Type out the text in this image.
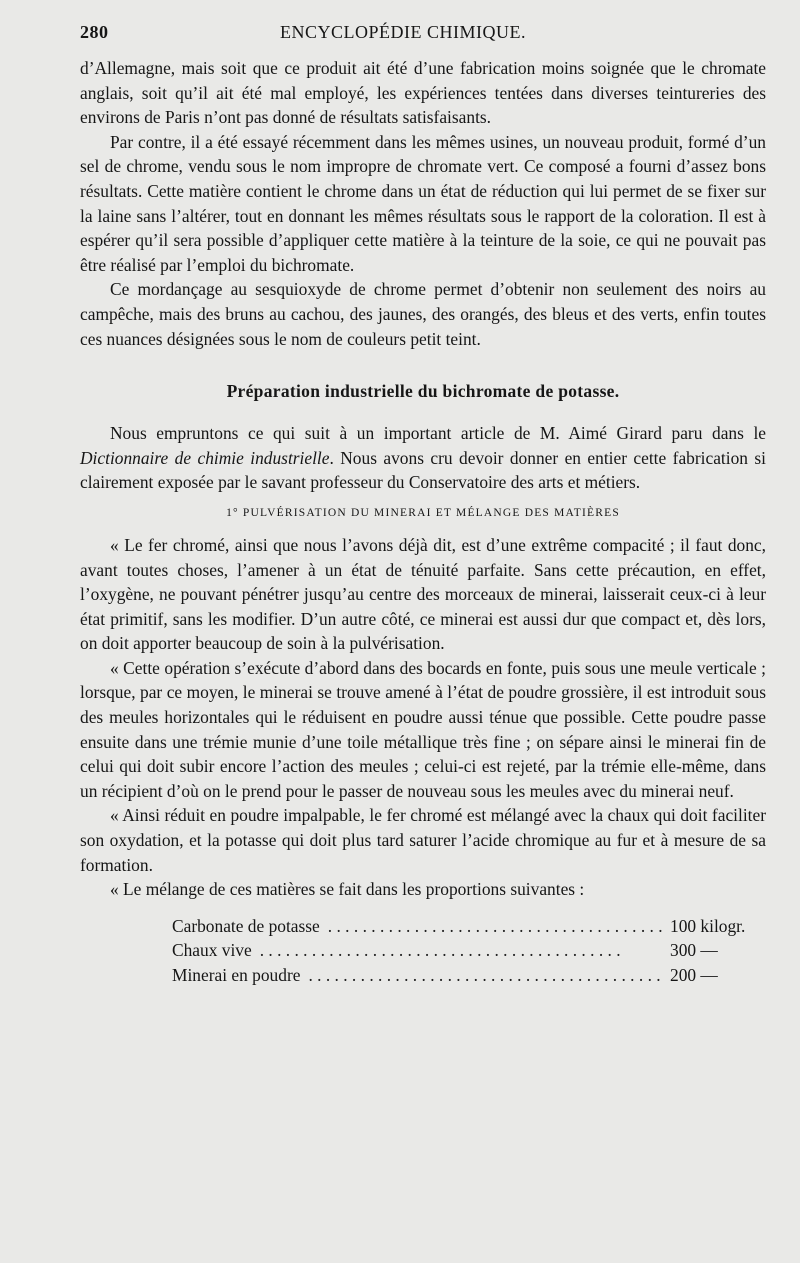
280	ENCYCLOPÉDIE CHIMIQUE.

d’Allemagne, mais soit que ce produit ait été d’une fabrication moins soignée que le chromate anglais, soit qu’il ait été mal employé, les expériences tentées dans diverses teintureries des environs de Paris n’ont pas donné de résultats satisfaisants.

Par contre, il a été essayé récemment dans les mêmes usines, un nouveau produit, formé d’un sel de chrome, vendu sous le nom impropre de chromate vert. Ce composé a fourni d’assez bons résultats. Cette matière contient le chrome dans un état de réduction qui lui permet de se fixer sur la laine sans l’altérer, tout en donnant les mêmes résultats sous le rapport de la coloration. Il est à espérer qu’il sera possible d’appliquer cette matière à la teinture de la soie, ce qui ne pouvait pas être réalisé par l’emploi du bichromate.

Ce mordançage au sesquioxyde de chrome permet d’obtenir non seulement des noirs au campêche, mais des bruns au cachou, des jaunes, des orangés, des bleus et des verts, enfin toutes ces nuances désignées sous le nom de couleurs petit teint.

Préparation industrielle du bichromate de potasse.

Nous empruntons ce qui suit à un important article de M. Aimé Girard paru dans le Dictionnaire de chimie industrielle. Nous avons cru devoir donner en entier cette fabrication si clairement exposée par le savant professeur du Conservatoire des arts et métiers.

1° PULVÉRISATION DU MINERAI ET MÉLANGE DES MATIÈRES

« Le fer chromé, ainsi que nous l’avons déjà dit, est d’une extrême compacité ; il faut donc, avant toutes choses, l’amener à un état de ténuité parfaite. Sans cette précaution, en effet, l’oxygène, ne pouvant pénétrer jusqu’au centre des morceaux de minerai, laisserait ceux-ci à leur état primitif, sans les modifier. D’un autre côté, ce minerai est aussi dur que compact et, dès lors, on doit apporter beaucoup de soin à la pulvérisation.

« Cette opération s’exécute d’abord dans des bocards en fonte, puis sous une meule verticale ; lorsque, par ce moyen, le minerai se trouve amené à l’état de poudre grossière, il est introduit sous des meules horizontales qui le réduisent en poudre aussi ténue que possible. Cette poudre passe ensuite dans une trémie munie d’une toile métallique très fine ; on sépare ainsi le minerai fin de celui qui doit subir encore l’action des meules ; celui-ci est rejeté, par la trémie elle-même, dans un récipient d’où on le prend pour le passer de nouveau sous les meules avec du minerai neuf.

« Ainsi réduit en poudre impalpable, le fer chromé est mélangé avec la chaux qui doit faciliter son oxydation, et la potasse qui doit plus tard saturer l’acide chromique au fur et à mesure de sa formation.

« Le mélange de ces matières se fait dans les proportions suivantes :

Carbonate de potasse . . .	100 kilogr.
Chaux vive . . .	300 —
Minerai en poudre . . .	200 —
